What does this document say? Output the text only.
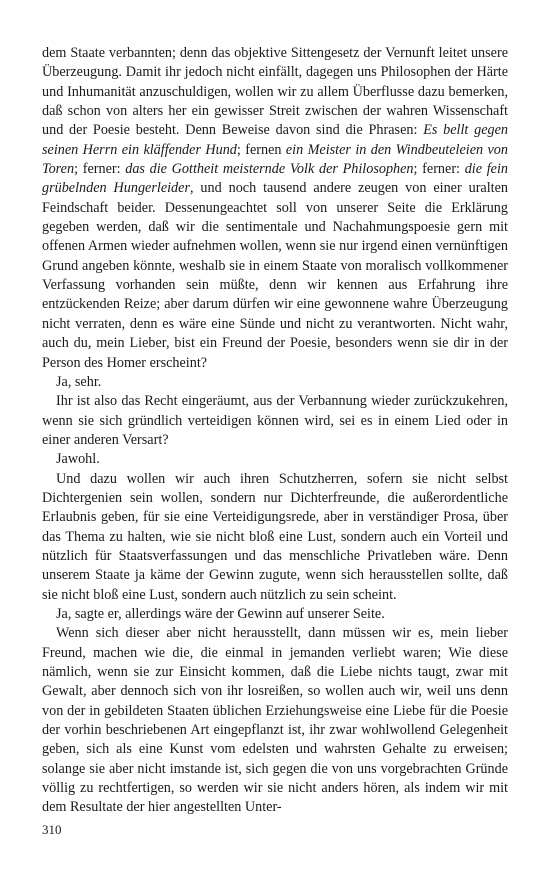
dem Staate verbannten; denn das objektive Sittengesetz der Vernunft leitet unsere Überzeugung. Damit ihr jedoch nicht einfällt, dagegen uns Philosophen der Härte und Inhumanität anzuschuldigen, wollen wir zu allem Überflusse dazu bemerken, daß schon von alters her ein gewisser Streit zwischen der wahren Wissenschaft und der Poesie besteht. Denn Beweise davon sind die Phrasen: Es bellt gegen seinen Herrn ein kläffender Hund; fernen ein Meister in den Windbeuteleien von Toren; ferner: das die Gottheit meisternde Volk der Philosophen; ferner: die fein grübelnden Hungerleider, und noch tausend andere zeugen von einer uralten Feindschaft beider. Dessenungeachtet soll von unserer Seite die Erklärung gegeben werden, daß wir die sentimentale und Nachahmungspoesie gern mit offenen Armen wieder aufnehmen wollen, wenn sie nur irgend einen vernünftigen Grund angeben könnte, weshalb sie in einem Staate von moralisch vollkommener Verfassung vorhanden sein müßte, denn wir kennen aus Erfahrung ihre entzückenden Reize; aber darum dürfen wir eine gewonnene wahre Überzeugung nicht verraten, denn es wäre eine Sünde und nicht zu verantworten. Nicht wahr, auch du, mein Lieber, bist ein Freund der Poesie, besonders wenn sie dir in der Person des Homer erscheint?

Ja, sehr.

Ihr ist also das Recht eingeräumt, aus der Verbannung wieder zurückzukehren, wenn sie sich gründlich verteidigen können wird, sei es in einem Lied oder in einer anderen Versart?

Jawohl.

Und dazu wollen wir auch ihren Schutzherren, sofern sie nicht selbst Dichtergenien sein wollen, sondern nur Dichterfreunde, die außerordentliche Erlaubnis geben, für sie eine Verteidigungsrede, aber in verständiger Prosa, über das Thema zu halten, wie sie nicht bloß eine Lust, sondern auch ein Vorteil und nützlich für Staatsverfassungen und das menschliche Privatleben wäre. Denn unserem Staate ja käme der Gewinn zugute, wenn sich herausstellen sollte, daß sie nicht bloß eine Lust, sondern auch nützlich zu sein scheint.

Ja, sagte er, allerdings wäre der Gewinn auf unserer Seite.

Wenn sich dieser aber nicht herausstellt, dann müssen wir es, mein lieber Freund, machen wie die, die einmal in jemanden verliebt waren; Wie diese nämlich, wenn sie zur Einsicht kommen, daß die Liebe nichts taugt, zwar mit Gewalt, aber dennoch sich von ihr losreißen, so wollen auch wir, weil uns denn von der in gebildeten Staaten üblichen Erziehungsweise eine Liebe für die Poesie der vorhin beschriebenen Art eingepflanzt ist, ihr zwar wohlwollend Gelegenheit geben, sich als eine Kunst vom edelsten und wahrsten Gehalte zu erweisen; solange sie aber nicht imstande ist, sich gegen die von uns vorgebrachten Gründe völlig zu rechtfertigen, so werden wir sie nicht anders hören, als indem wir mit dem Resultate der hier angestellten Unter-

310
